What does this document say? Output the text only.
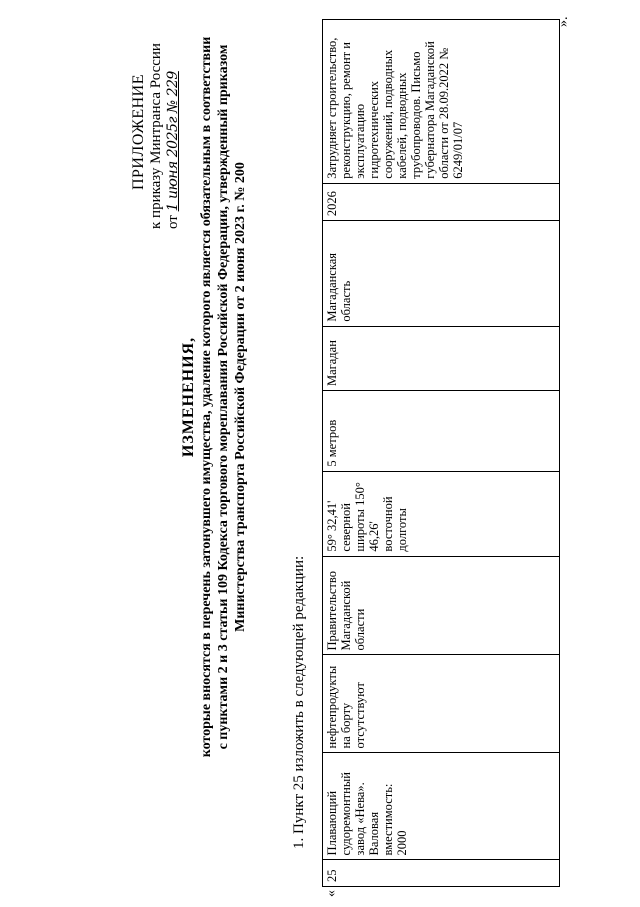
ПРИЛОЖЕНИЕ к приказу Минтранса России от 1 июня 2025г № 229
ИЗМЕНЕНИЯ, которые вносятся в перечень затонувшего имущества, удаление которого является обязательным в соответствии с пунктами 2 и 3 статьи 109 Кодекса торгового мореплавания Российской Федерации, утвержденный приказом Министерства транспорта Российской Федерации от 2 июня 2023 г. № 200
1. Пункт 25 изложить в следующей редакции:
«
25	Плавающий судоремонтный завод «Нева». Валовая вместимость: 2000	нефтепродукты на борту отсутствуют	Правительство Магаданской области	59° 32,41' северной широты 150° 46,26' восточной долготы	5 метров	Магадан	Магаданская область	2026	Затрудняет строительство, реконструкцию, ремонт и эксплуатацию гидротехнических сооружений, подводных кабелей, подводных трубопроводов. Письмо губернатора Магаданской области от 28.09.2022 № 6249/01/07
».
